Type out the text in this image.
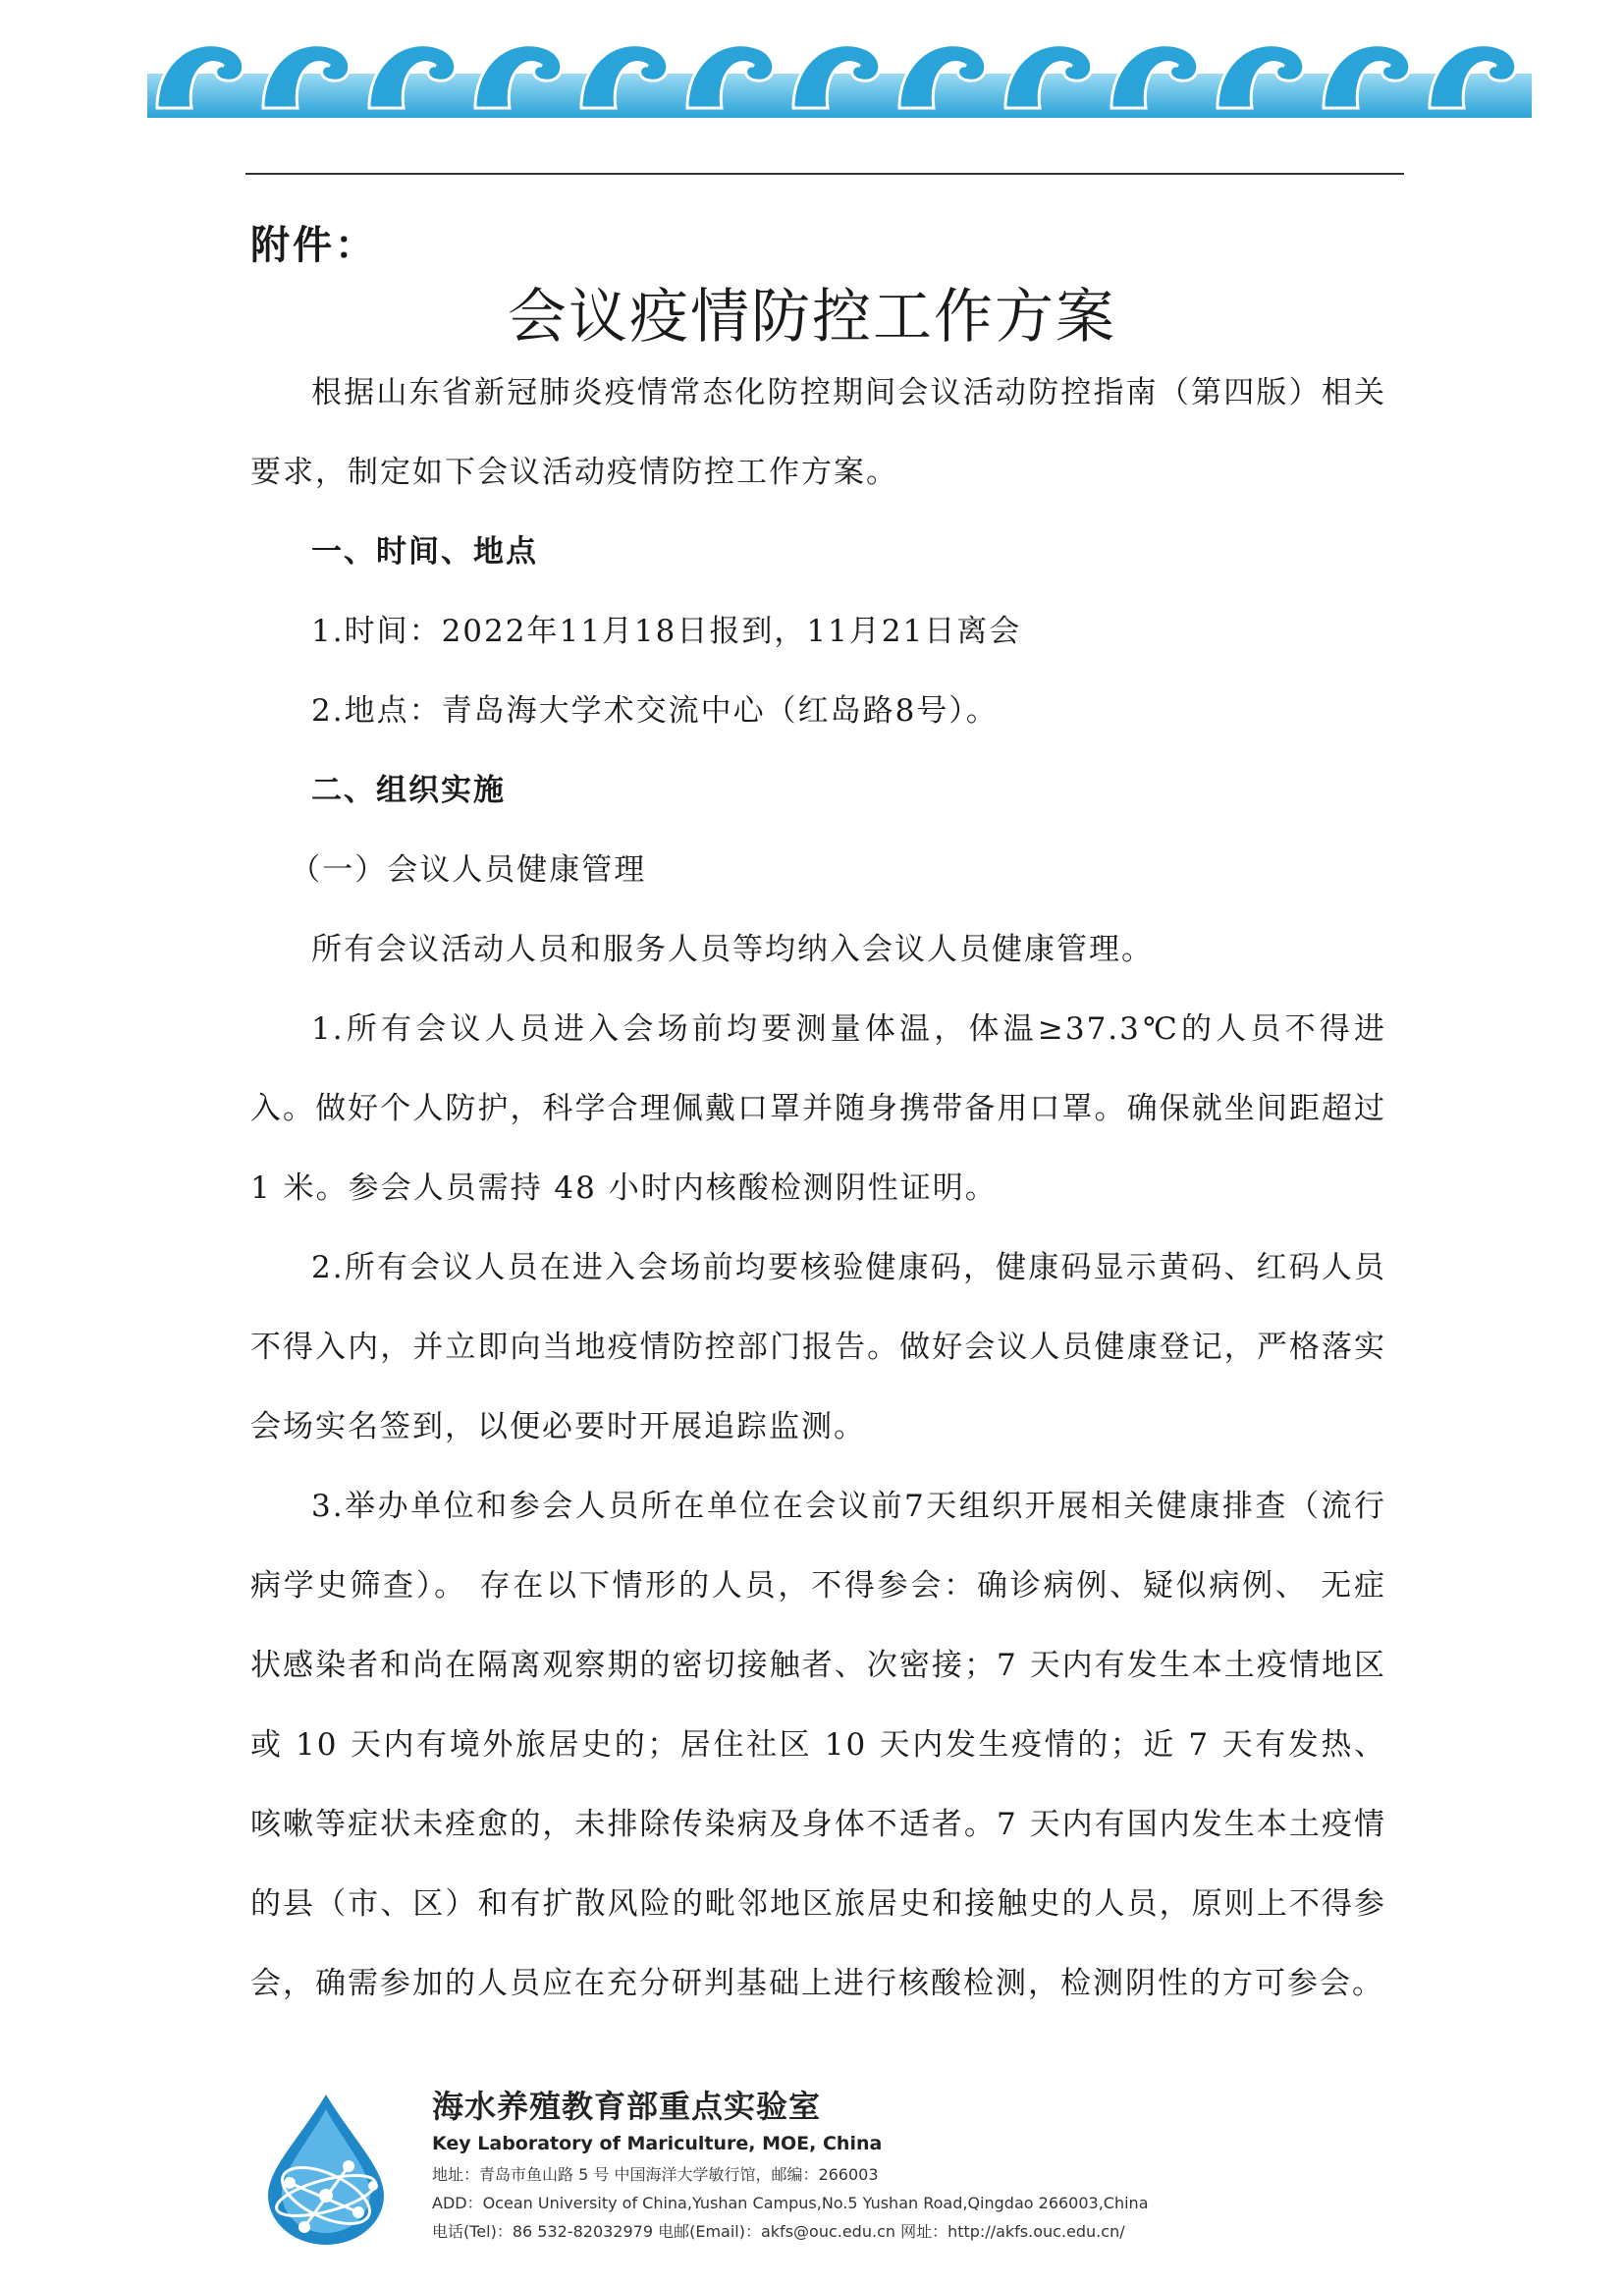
附件：
会议疫情防控工作方案

根据山东省新冠肺炎疫情常态化防控期间会议活动防控指南（第四版）相关要求，制定如下会议活动疫情防控工作方案。

一、时间、地点

1.时间：2022年11月18日报到，11月21日离会

2.地点：青岛海大学术交流中心（红岛路8号）。

二、组织实施

（一）会议人员健康管理

所有会议活动人员和服务人员等均纳入会议人员健康管理。

1.所有会议人员进入会场前均要测量体温，体温≥37.3℃的人员不得进入。做好个人防护，科学合理佩戴口罩并随身携带备用口罩。确保就坐间距超过 1 米。参会人员需持 48 小时内核酸检测阴性证明。

2.所有会议人员在进入会场前均要核验健康码，健康码显示黄码、红码人员不得入内，并立即向当地疫情防控部门报告。做好会议人员健康登记，严格落实会场实名签到，以便必要时开展追踪监测。

3.举办单位和参会人员所在单位在会议前7天组织开展相关健康排查（流行病学史筛查）。 存在以下情形的人员，不得参会：确诊病例、疑似病例、 无症状感染者和尚在隔离观察期的密切接触者、次密接；7 天内有发生本土疫情地区或 10 天内有境外旅居史的；居住社区 10 天内发生疫情的；近 7 天有发热、咳嗽等症状未痊愈的，未排除传染病及身体不适者。7 天内有国内发生本土疫情的县（市、区）和有扩散风险的毗邻地区旅居史和接触史的人员，原则上不得参会，确需参加的人员应在充分研判基础上进行核酸检测，检测阴性的方可参会。

海水养殖教育部重点实验室
Key Laboratory of Mariculture, MOE, China
地址：青岛市鱼山路 5 号 中国海洋大学敏行馆，邮编：266003
ADD：Ocean University of China,Yushan Campus,No.5 Yushan Road,Qingdao 266003,China
电话(Tel)：86 532-82032979 电邮(Email)：akfs@ouc.edu.cn 网址：http://akfs.ouc.edu.cn/
